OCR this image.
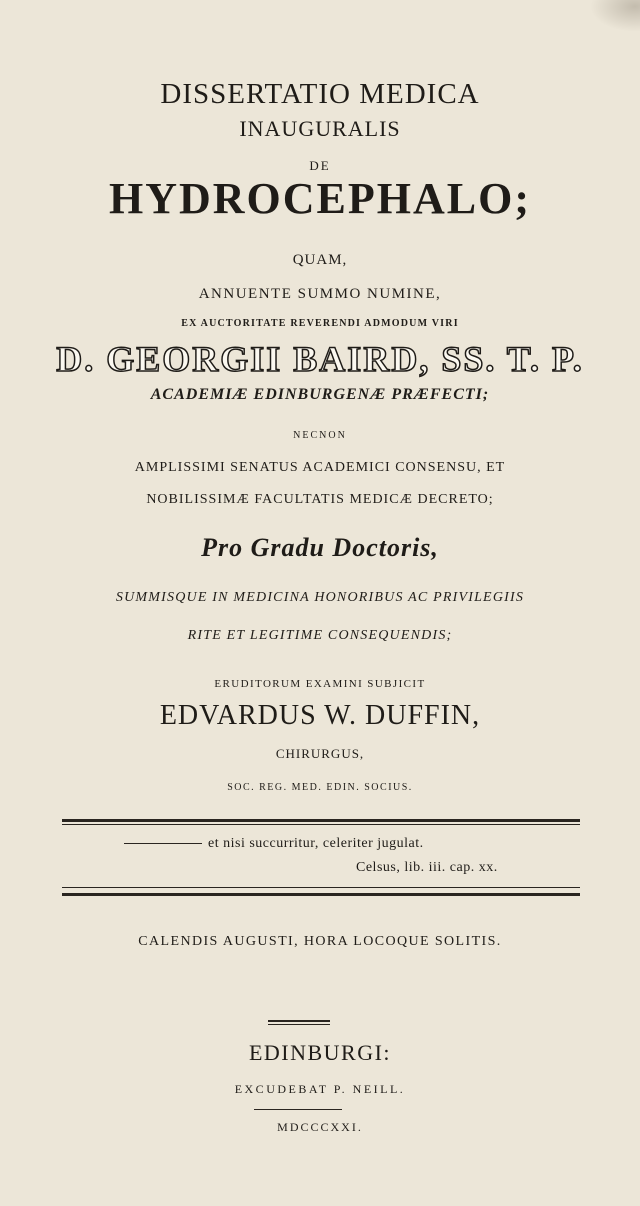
DISSERTATIO MEDICA
INAUGURALIS
DE
HYDROCEPHALO;
QUAM,
ANNUENTE SUMMO NUMINE,
EX AUCTORITATE REVERENDI ADMODUM VIRI
D. GEORGII BAIRD, SS. T. P.
ACADEMIÆ EDINBURGENÆ PRÆFECTI;
NECNON
AMPLISSIMI SENATUS ACADEMICI CONSENSU, ET
NOBILISSIMÆ FACULTATIS MEDICÆ DECRETO;
Pro Gradu Doctoris,
SUMMISQUE IN MEDICINA HONORIBUS AC PRIVILEGIIS
RITE ET LEGITIME CONSEQUENDIS;
ERUDITORUM EXAMINI SUBJICIT
EDVARDUS W. DUFFIN,
CHIRURGUS,
SOC. REG. MED. EDIN. SOCIUS.
et nisi succurritur, celeriter jugulat.
Celsus, lib. iii. cap. xx.
CALENDIS AUGUSTI, HORA LOCOQUE SOLITIS.
EDINBURGI:
EXCUDEBAT P. NEILL.
MDCCCXXI.
